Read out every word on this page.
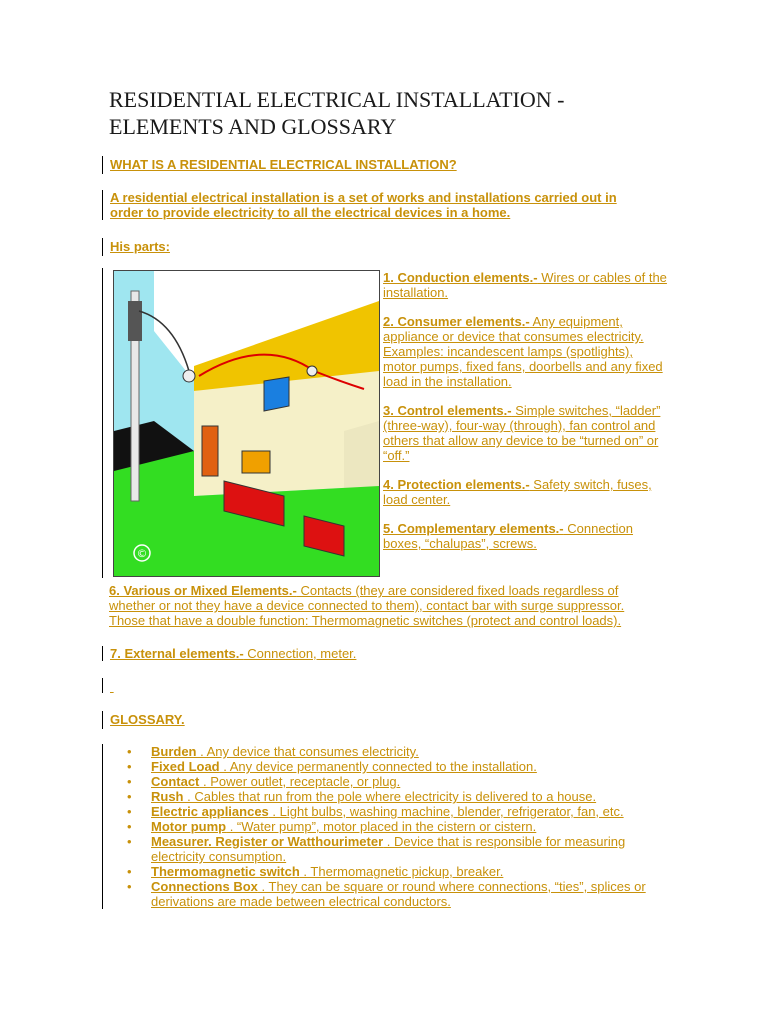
RESIDENTIAL ELECTRICAL INSTALLATION - ELEMENTS AND GLOSSARY
WHAT IS A RESIDENTIAL ELECTRICAL INSTALLATION?
A residential electrical installation is a set of works and installations carried out in order to provide electricity to all the electrical devices in a home.
His parts:
©

1. Conduction elements.- Wires or cables of the installation.

2. Consumer elements.- Any equipment, appliance or device that consumes electricity. Examples: incandescent lamps (spotlights), motor pumps, fixed fans, doorbells and any fixed load in the installation.

3. Control elements.- Simple switches, “ladder” (three-way), four-way (through), fan control and others that allow any device to be “turned on” or “off.”

4. Protection elements.- Safety switch, fuses, load center.

5. Complementary elements.- Connection boxes, “chalupas”, screws.

6. Various or Mixed Elements.- Contacts (they are considered fixed loads regardless of whether or not they have a device connected to them), contact bar with surge suppressor. Those that have a double function: Thermomagnetic switches (protect and control loads).
7. External elements.- Connection, meter.

GLOSSARY.
• Burden . Any device that consumes electricity.
• Fixed Load . Any device permanently connected to the installation.
• Contact . Power outlet, receptacle, or plug.
• Rush . Cables that run from the pole where electricity is delivered to a house.
• Electric appliances . Light bulbs, washing machine, blender, refrigerator, fan, etc.
• Motor pump . “Water pump”, motor placed in the cistern or cistern.
• Measurer. Register or Watthourimeter . Device that is responsible for measuring electricity consumption.
• Thermomagnetic switch . Thermomagnetic pickup, breaker.
• Connections Box . They can be square or round where connections, “ties”, splices or derivations are made between electrical conductors.
